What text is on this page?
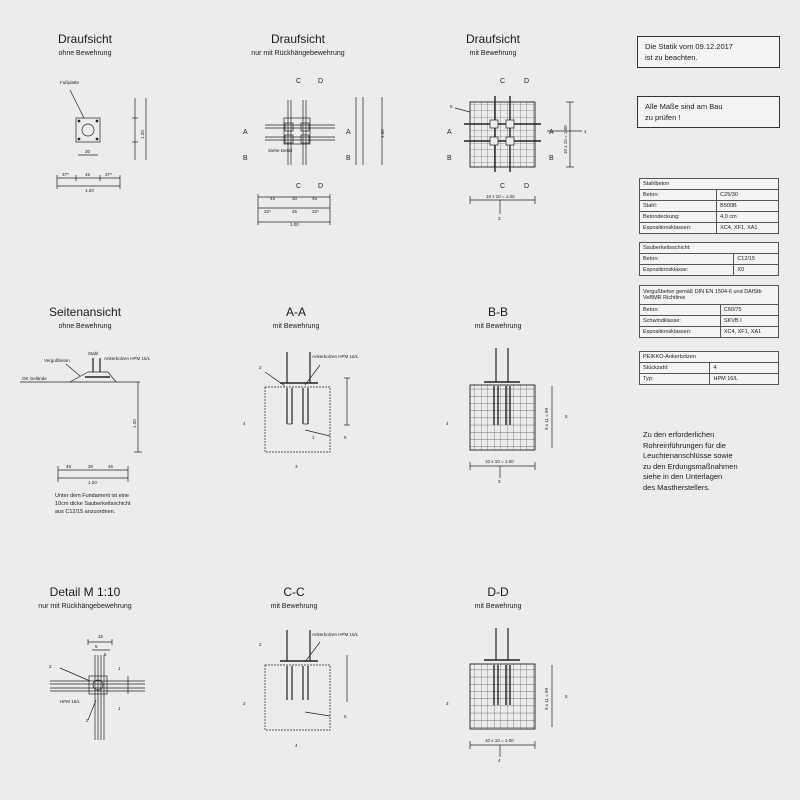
Draufsicht
ohne Bewehrung
Draufsicht
nur mit Rückhängebewehrung
Draufsicht
mit Bewehrung
Seitenansicht
ohne Bewehrung
A-A
mit Bewehrung
B-B
mit Bewehrung
Detail M 1:10
nur mit Rückhängebewehrung
C-C
mit Bewehrung
D-D
mit Bewehrung
Die Statik vom 09.12.2017
ist zu beachten.
Alle Maße sind am Bau
zu prüfen !
Stahlbeton	
Beton:	C25/30
Stahl:	B500B
Betondeckung:	4,0 cm
Expositionsklassen:	XC4, XF1, XA1
Sauberkeitsschicht:	
Beton:	C12/15
Expositionsklasse:	X0
Vergußbeton gemäß DIN EN 1504-6 und DAfStb VeBMR Richtlinie	
Beton:	C60/75
Schwindklasse:	SKVB I
Expositionsklassen:	XC4, XF1, XA1
PEIKKO-Ankerbolzen	
Stückzahl:	4
Typ:	HPM 16/L
Zu den erforderlichen
Rohreinführungen für die
Leuchtenanschlüsse sowie
zu den Erdungsmaßnahmen
siehe in den Unterlagen
des Mastherstellers.
Unter dem Fundament ist eine
10cm dicke Sauberkeitsschicht
aus C12/15 anzuordnen.
Fußplatte
37⁵	45	37⁵
1.20
30
1.20
C D
A
B
A
B
C D
Siehe Detail
45	30	45
1.00
1.00
32⁵	25	32⁵
C	D
A
B
A
B
C	D
5
4
3
10 x 10 = 1.00
10 x 10 = 1.00
Vergußbeton
Stahl
Ankerbolzen HPM 16/L
OK Gelände
45	30	45
1.20
1.20
Ankerbolzen HPM 16/L
2
4
1	5
3
4
5
3
10 x 10 = 1.00
9 x 11 = 99
HPM 16/L
2	1
2
1
15
5
5
Ankerbolzen HPM 16/L
2
3
5
4
3
5
4
10 x 10 = 1.00
9 x 11 = 99
